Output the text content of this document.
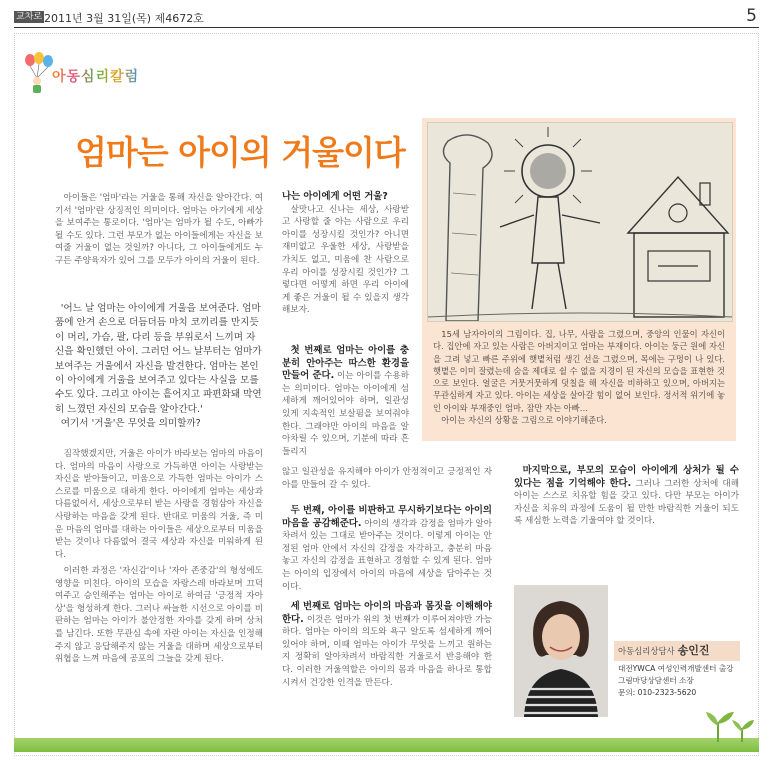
교차로 2011년 3월 31일(목) 제4672호	5
아동심리칼럼
엄마는 아이의 거울이다

아이들은 '엄마'라는 거울을 통해 자신을 알아간다. 여기서 '엄마'란 상징적인 의미이다. 엄마는 아기에게 세상을 보여주는 통로이다. '엄마'는 엄마가 될 수도, 아빠가 될 수도 있다. 그런 부모가 없는 아이들에게는 자신을 보여줄 거울이 없는 것일까? 아니다, 그 아이들에게도 누구든 주양육자가 있어 그를 모두가 아이의 거울이 된다.

'어느 날 엄마는 아이에게 거울을 보여준다. 엄마 품에 안겨 손으로 더듬더듬 마치 코끼리를 만지듯이 머리, 가슴, 팔, 다리 등을 부위로서 느끼며 자신을 확인했던 아이. 그러던 어느 날부터는 엄마가 보여주는 거울에서 자신을 발견한다. 엄마는 본인이 아이에게 거울을 보여주고 있다는 사실을 모를 수도 있다. 그리고 아이는 흩어지고 파편화돼 막연히 느꼈던 자신의 모습을 알아간다.'

여기서 '거울'은 무엇을 의미할까?

짐작했겠지만, 거울은 아이가 바라보는 엄마의 마음이다. 엄마의 마음이 사랑으로 가득하면 아이는 사랑받는 자신을 받아들이고, 미움으로 가득한 엄마는 아이가 스스로를 미움으로 대하게 한다. 아이에게 엄마는 세상과 다름없어서, 세상으로부터 받는 사랑을 경험삼아 자신을 사랑하는 마음을 갖게 된다. 반대로 미움의 거울, 즉 미운 마음의 엄마를 대하는 아이들은 세상으로부터 미움을 받는 것이나 다름없어 결국 세상과 자신을 미워하게 된다.

이러한 과정은 '자신감'이나 '자아 존중감'의 형성에도 영향을 미친다. 아이의 모습을 자랑스레 바라보며 끄덕여주고 승인해주는 엄마는 아이로 하여금 '긍정적 자아상'을 형성하게 한다. 그러나 싸늘한 시선으로 아이를 비판하는 엄마는 아이가 불안정한 자아를 갖게 하며 상처를 남긴다. 또한 무관심 속에 자란 아이는 자신을 인정해주지 않고 응답해주지 않는 거울을 대하며 세상으로부터 위협을 느껴 마음에 공포의 그늘을 갖게 된다.

나는 아이에게 어떤 거울?

살맛나고 신나는 세상, 사랑받고 사랑할 줄 아는 사람으로 우리 아이를 성장시킬 것인가? 아니면 재미없고 우울한 세상, 사랑받을 가치도 없고, 미움에 찬 사람으로 우리 아이를 성장시킬 것인가? 그렇다면 어떻게 하면 우리 아이에게 좋은 거울이 될 수 있을지 생각해보자.

첫 번째로 엄마는 아이를 충분히 안아주는 따스한 환경을 만들어 준다. 이는 아이를 수용하는 의미이다. 엄마는 아이에게 섬세하게 깨어있어야 하며, 일관성 있게 지속적인 보살핌을 보여줘야 한다. 그래야만 아이의 마음을 알아차릴 수 있으며, 기분에 따라 흔들리지

않고 일관성을 유지해야 아이가 안정적이고 긍정적인 자아를 만들어 갈 수 있다.

두 번째, 아이를 비판하고 무시하기보다는 아이의 마음을 공감해준다. 아이의 생각과 감정을 엄마가 알아차려서 있는 그대로 받아주는 것이다. 이렇게 아이는 안정된 엄마 안에서 자신의 감정을 자각하고, 충분히 마음 놓고 자신의 감정을 표현하고 경험할 수 있게 된다. 엄마는 아이의 입장에서 아이의 마음에 세상을 담아주는 것이다.

세 번째로 엄마는 아이의 마음과 몸짓을 이해해야 한다. 이것은 엄마가 위의 첫 번째가 이루어져야만 가능하다. 엄마는 아이의 의도와 욕구 알도록 섬세하게 깨어있어야 하며, 이때 엄마는 아이가 무엇을 느끼고 원하는지 정확히 알아차려서 바람직한 거울로서 반응해야 한다. 이러한 거울역할은 아이의 몸과 마음을 하나로 통합시켜서 건강한 인격을 만든다.

마지막으로, 부모의 모습이 아이에게 상처가 될 수 있다는 점을 기억해야 한다. 그러나 그러한 상처에 대해 아이는 스스로 치유할 힘을 갖고 있다. 다만 부모는 아이가 자신을 치유의 과정에 도움이 될 만한 바람직한 거울이 되도록 세심한 노력을 기울여야 할 것이다.

15세 남자아이의 그림이다. 집, 나무, 사람을 그렸으며, 중앙의 인물이 자신이다. 집안에 자고 있는 사람은 아버지이고 엄마는 부재이다. 아이는 둥근 원에 자신을 그려 넣고 빠른 주위에 햇볕처럼 생긴 선을 그렸으며, 목에는 구멍이 나 있다. 햇볕은 이미 잘렸는데 숨을 제대로 쉴 수 없을 지경이 된 자신의 모습을 표현한 것으로 보인다. 얼굴은 거뭇거뭇하게 덧칠을 해 자신을 비하하고 있으며, 아버지는 무관심하게 자고 있다. 아이는 세상을 살아갈 힘이 없어 보인다. 정서적 위기에 놓인 아이와 부재중인 엄마, 잠만 자는 아빠…

아이는 자신의 상황을 그림으로 이야기해준다.

아동심리상담사 송인진
대전YWCA 여성인력개발센터 출강
그림마당상담센터 소장
문의: 010-2323-5620
